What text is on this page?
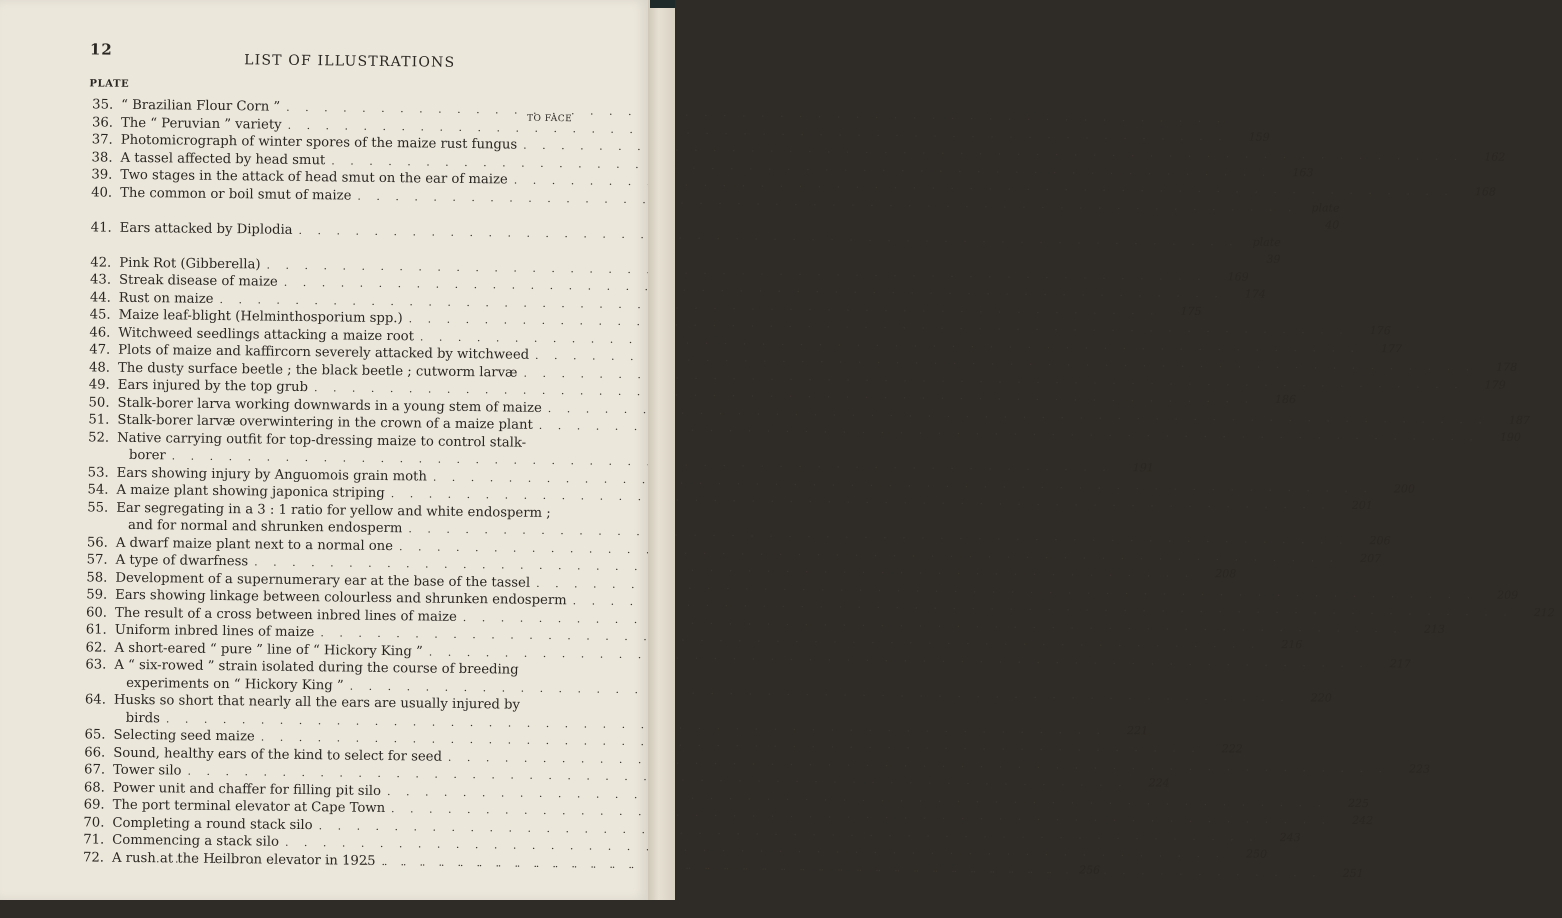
12
LIST OF ILLUSTRATIONS
PLATE
TO FACE
35. “ Brazilian Flour Corn ”
. . .
36. The “ Peruvian ” variety
. . .
159
37. Photomicrograph of winter spores of the maize rust fungus
. . .
162
38. A tassel affected by head smut
. . .
163
39. Two stages in the attack of head smut on the ear of maize
. . .
168
40. The common or boil smut of maize
. . .
plate 40
41. Ears attacked by Diplodia
. . .
plate 39
42. Pink Rot (Gibberella)
. . .
169
43. Streak disease of maize
. . .
174
44. Rust on maize
. . .
175
45. Maize leaf-blight (Helminthosporium spp.)
. . .
176
46. Witchweed seedlings attacking a maize root
. . .
177
47. Plots of maize and kaffircorn severely attacked by witchweed
. . .
178
48. The dusty surface beetle ; the black beetle ; cutworm larvæ
. . .
179
49. Ears injured by the top grub
. . .
186
50. Stalk-borer larva working downwards in a young stem of maize
. . .
187
51. Stalk-borer larvæ overwintering in the crown of a maize plant
. . .
190
52. Native carrying outfit for top-dressing maize to control stalk-
borer
. . .
191
53. Ears showing injury by Anguomois grain moth
. . .
200
54. A maize plant showing japonica striping
. . .
201
55. Ear segregating in a 3 : 1 ratio for yellow and white endosperm ;
and for normal and shrunken endosperm
. . .
206
56. A dwarf maize plant next to a normal one
. . .
207
57. A type of dwarfness
. . .
208
58. Development of a supernumerary ear at the base of the tassel
. . .
209
59. Ears showing linkage between colourless and shrunken endosperm
. . .
212
60. The result of a cross between inbred lines of maize
. . .
213
61. Uniform inbred lines of maize
. . .
216
62. A short-eared “ pure ” line of “ Hickory King ”
. . .
217
63. A “ six-rowed ” strain isolated during the course of breeding
experiments on “ Hickory King ”
. . .
220
64. Husks so short that nearly all the ears are usually injured by
birds
. . .
221
65. Selecting seed maize
. . .
222
66. Sound, healthy ears of the kind to select for seed
. . .
223
67. Tower silo
. . .
224
68. Power unit and chaffer for filling pit silo
. . .
225
69. The port terminal elevator at Cape Town
. . .
242
70. Completing a round stack silo
. . .
243
71. Commencing a stack silo
. . .
250
72. A rush at the Heilbron elevator in 1925
. . .
251
. . .
256
